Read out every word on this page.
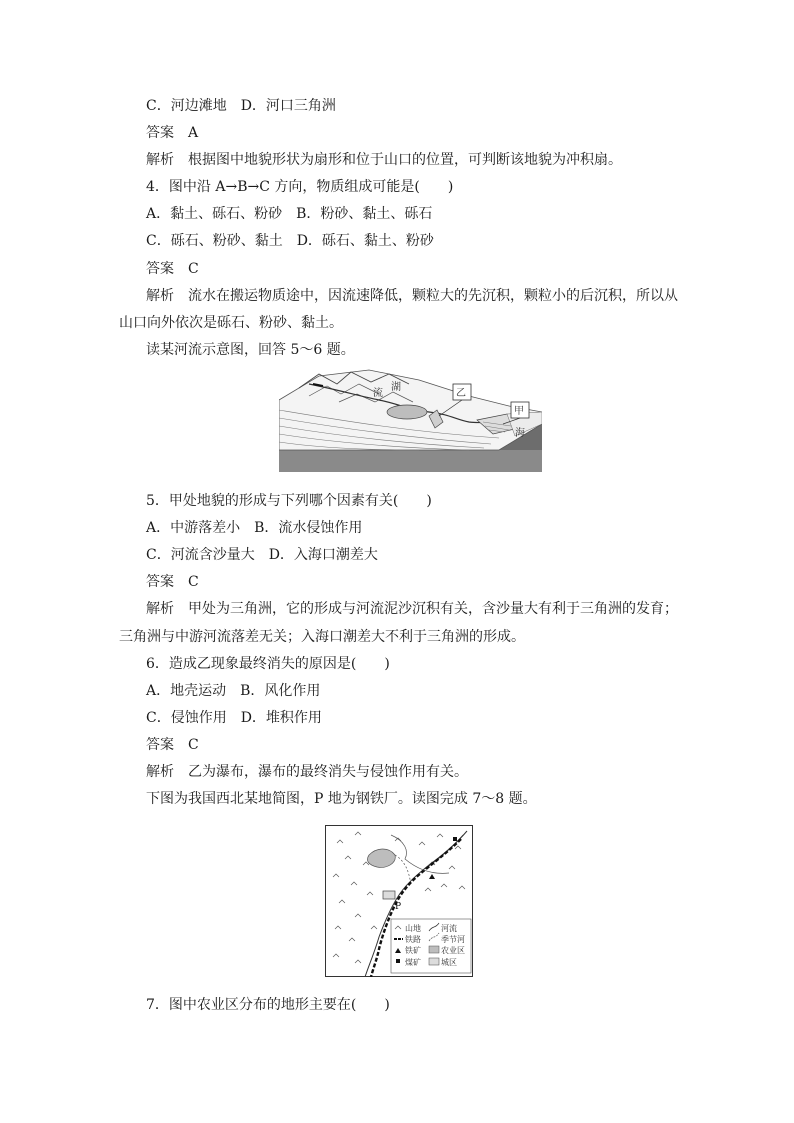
C．河边滩地　D．河口三角洲
答案　A
解析　根据图中地貌形状为扇形和位于山口的位置，可判断该地貌为冲积扇。
4．图中沿 A→B→C 方向，物质组成可能是(　　)
A．黏土、砾石、粉砂　B．粉砂、黏土、砾石
C．砾石、粉砂、黏土　D．砾石、黏土、粉砂
答案　C
解析　流水在搬运物质途中，因流速降低，颗粒大的先沉积，颗粒小的后沉积，所以从
山口向外依次是砾石、粉砂、黏土。
读某河流示意图，回答 5～6 题。
流
湖
乙
甲
海
5．甲处地貌的形成与下列哪个因素有关(　　)
A．中游落差小　B．流水侵蚀作用
C．河流含沙量大　D．入海口潮差大
答案　C
解析　甲处为三角洲，它的形成与河流泥沙沉积有关，含沙量大有利于三角洲的发育；
三角洲与中游河流落差无关；入海口潮差大不利于三角洲的形成。
6．造成乙现象最终消失的原因是(　　)
A．地壳运动　B．风化作用
C．侵蚀作用　D．堆积作用
答案　C
解析　乙为瀑布，瀑布的最终消失与侵蚀作用有关。
下图为我国西北某地简图，P 地为钢铁厂。读图完成 7～8 题。
P
山地	河流
铁路	季节河
铁矿	农业区
煤矿	城区
7．图中农业区分布的地形主要在(　　)
